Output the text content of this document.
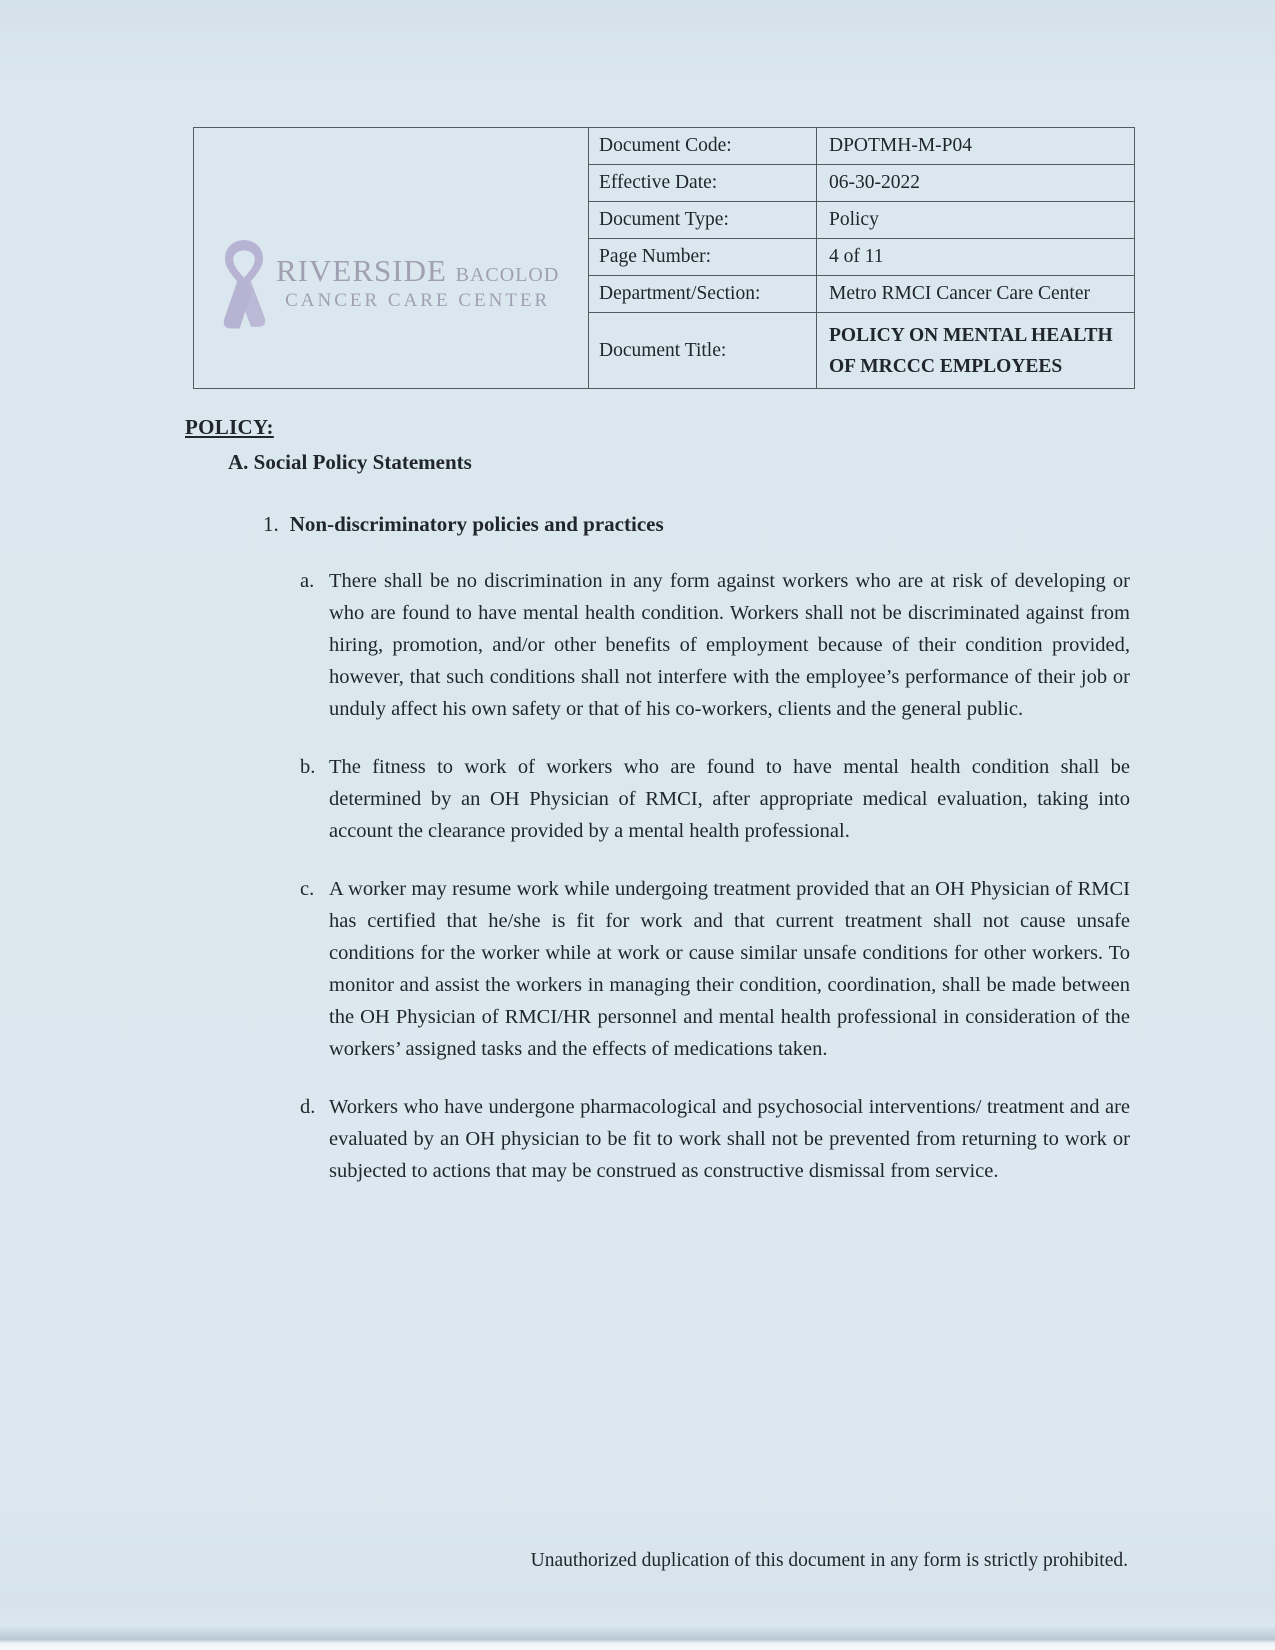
RIVERSIDE BACOLOD
CANCER CARE CENTER	Document Code:	DPOTMH-M-P04
	Effective Date:	06-30-2022
	Document Type:	Policy
	Page Number:	4 of 11
	Department/Section:	Metro RMCI Cancer Care Center
	Document Title:	POLICY ON MENTAL HEALTH OF MRCCC EMPLOYEES
POLICY:
A. Social Policy Statements
1. Non-discriminatory policies and practices
a. There shall be no discrimination in any form against workers who are at risk of developing or who are found to have mental health condition. Workers shall not be discriminated against from hiring, promotion, and/or other benefits of employment because of their condition provided, however, that such conditions shall not interfere with the employee’s performance of their job or unduly affect his own safety or that of his co-workers, clients and the general public.
b. The fitness to work of workers who are found to have mental health condition shall be determined by an OH Physician of RMCI, after appropriate medical evaluation, taking into account the clearance provided by a mental health professional.
c. A worker may resume work while undergoing treatment provided that an OH Physician of RMCI has certified that he/she is fit for work and that current treatment shall not cause unsafe conditions for the worker while at work or cause similar unsafe conditions for other workers. To monitor and assist the workers in managing their condition, coordination, shall be made between the OH Physician of RMCI/HR personnel and mental health professional in consideration of the workers’ assigned tasks and the effects of medications taken.
d. Workers who have undergone pharmacological and psychosocial interventions/ treatment and are evaluated by an OH physician to be fit to work shall not be prevented from returning to work or subjected to actions that may be construed as constructive dismissal from service.
Unauthorized duplication of this document in any form is strictly prohibited.
